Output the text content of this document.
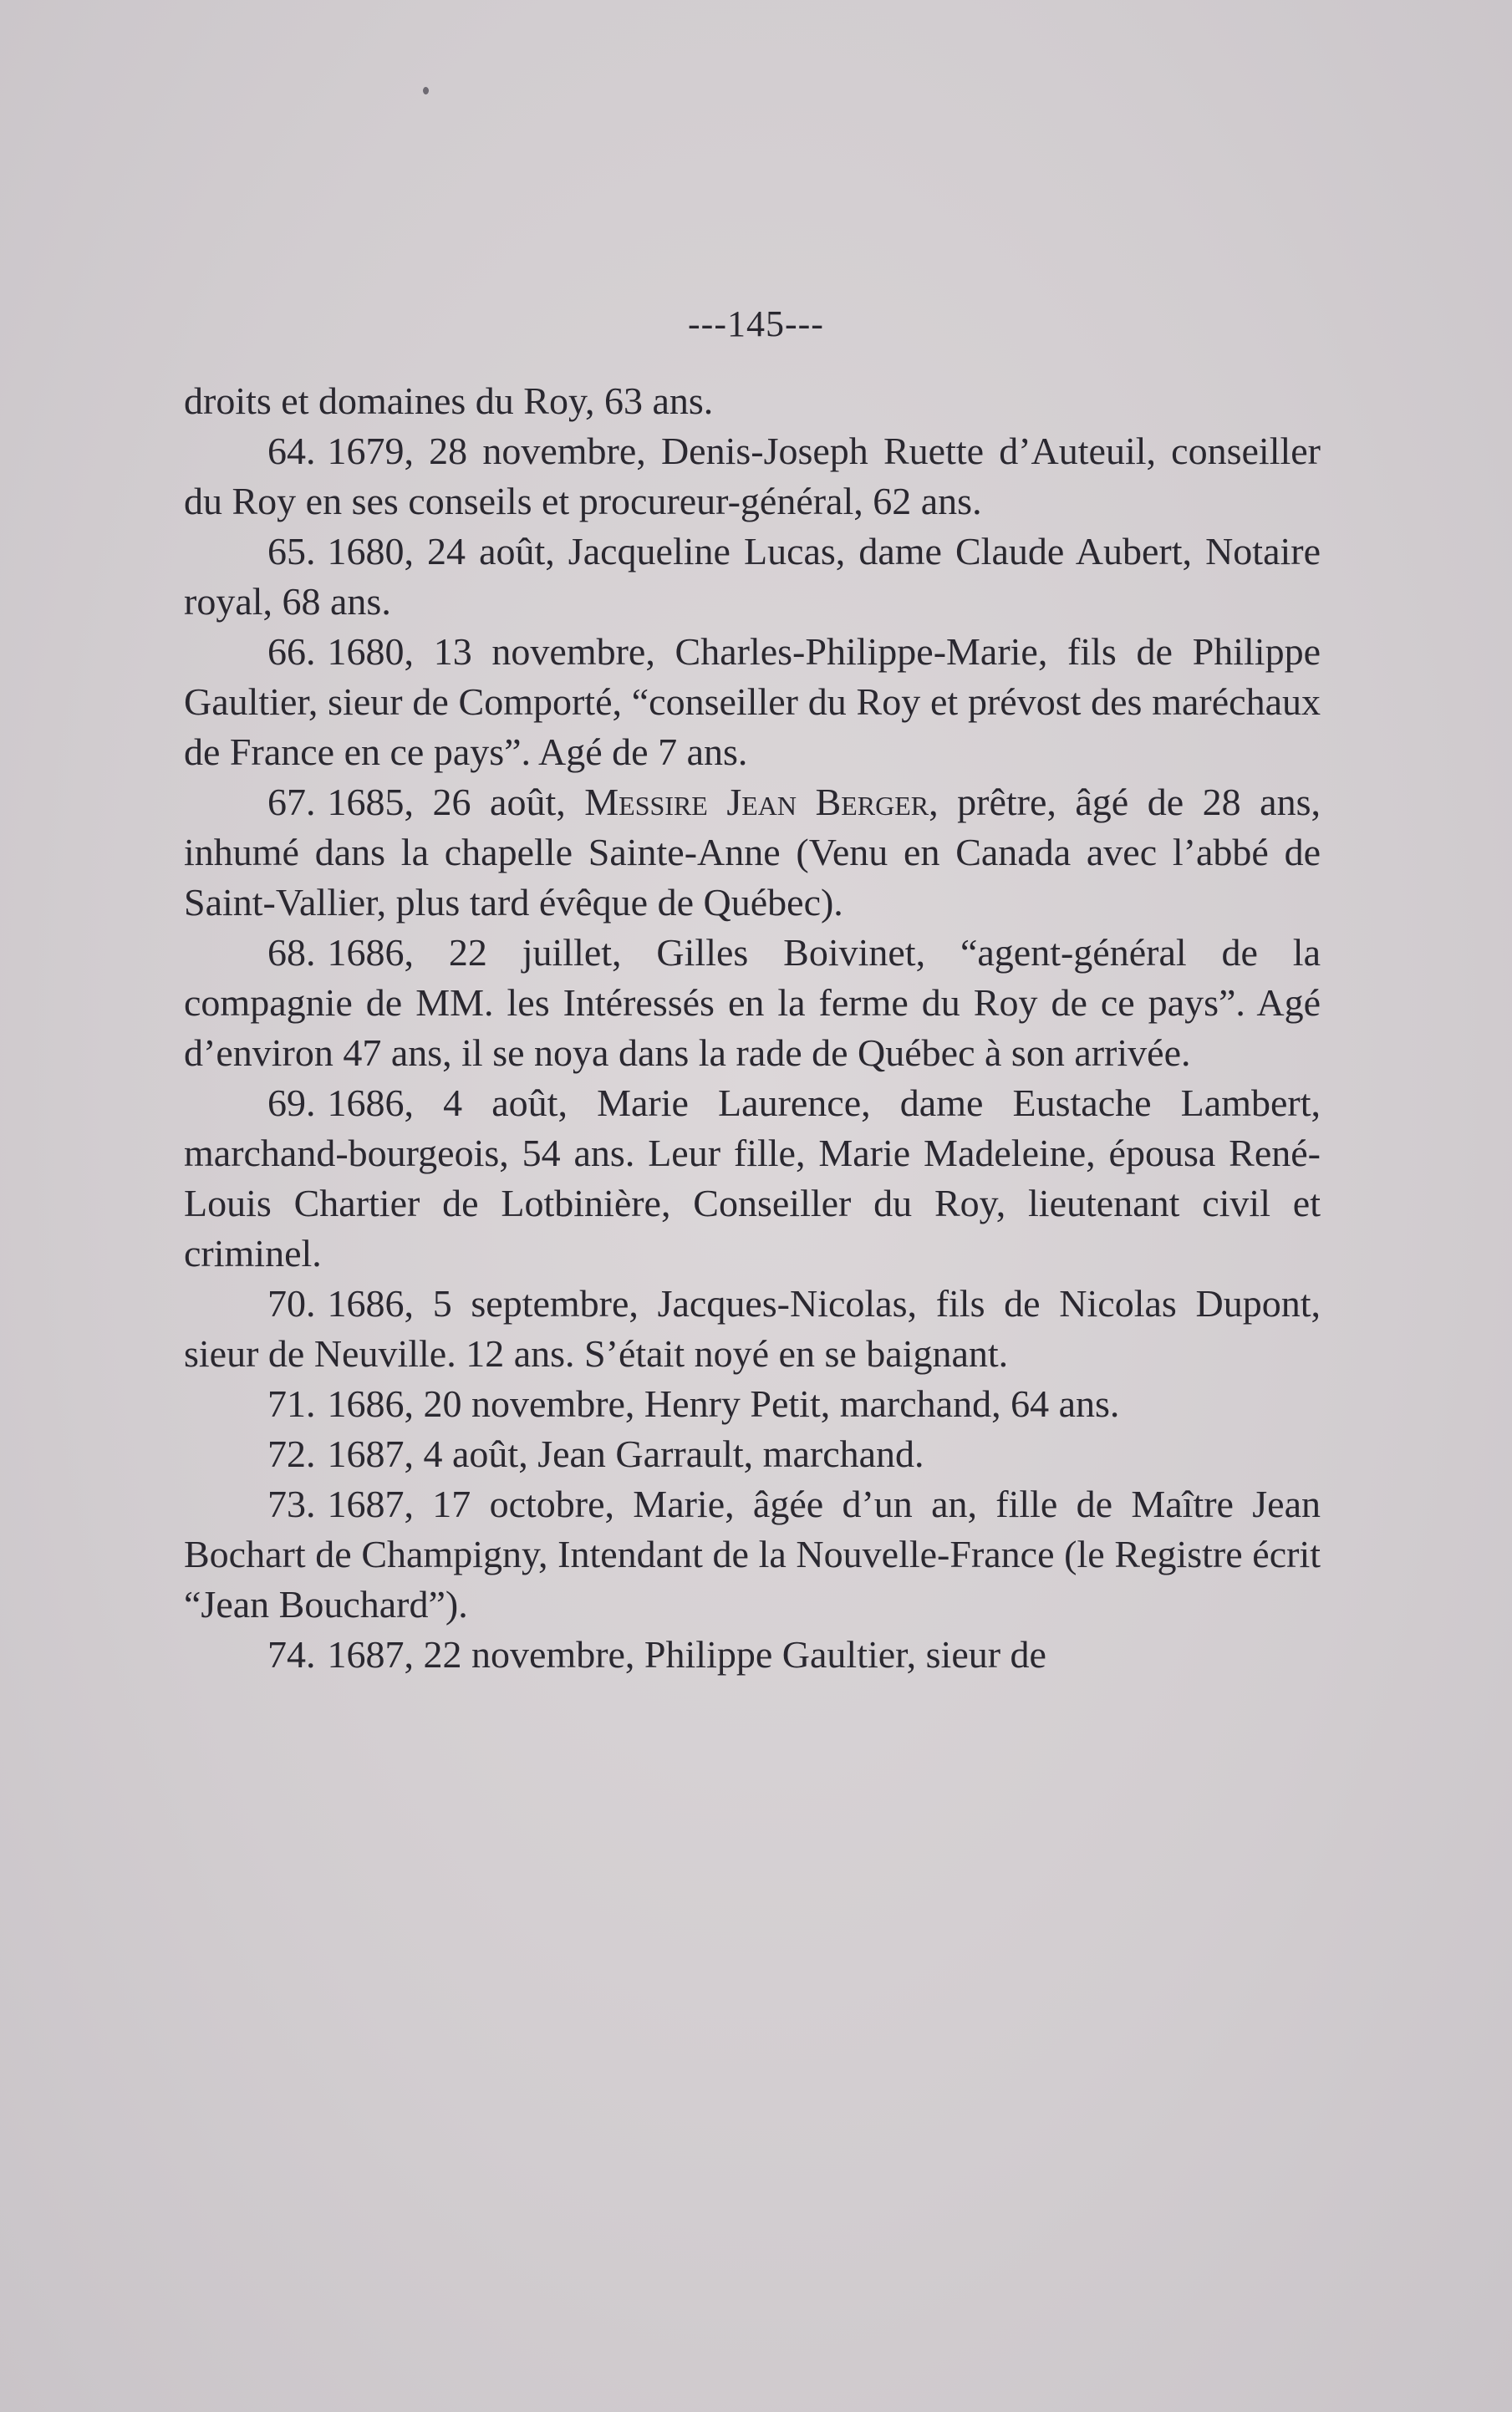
---145---
droits et domaines du Roy, 63 ans.
64. 1679, 28 novembre, Denis-Joseph Ruette d’Auteuil, conseiller du Roy en ses conseils et procureur-général, 62 ans.
65. 1680, 24 août, Jacqueline Lucas, dame Claude Aubert, Notaire royal, 68 ans.
66. 1680, 13 novembre, Charles-Philippe-Marie, fils de Philippe Gaultier, sieur de Comporté, “conseiller du Roy et prévost des maréchaux de France en ce pays”. Agé de 7 ans.
67. 1685, 26 août, Messire Jean Berger, prêtre, âgé de 28 ans, inhumé dans la chapelle Sainte-Anne (Venu en Canada avec l’abbé de Saint-Vallier, plus tard évêque de Québec).
68. 1686, 22 juillet, Gilles Boivinet, “agent-général de la compagnie de MM. les Intéressés en la ferme du Roy de ce pays”. Agé d’environ 47 ans, il se noya dans la rade de Québec à son arrivée.
69. 1686, 4 août, Marie Laurence, dame Eustache Lambert, marchand-bourgeois, 54 ans. Leur fille, Marie Madeleine, épousa René-Louis Chartier de Lotbinière, Conseiller du Roy, lieutenant civil et criminel.
70. 1686, 5 septembre, Jacques-Nicolas, fils de Nicolas Dupont, sieur de Neuville. 12 ans. S’était noyé en se baignant.
71. 1686, 20 novembre, Henry Petit, marchand, 64 ans.
72. 1687, 4 août, Jean Garrault, marchand.
73. 1687, 17 octobre, Marie, âgée d’un an, fille de Maître Jean Bochart de Champigny, Intendant de la Nouvelle-France (le Registre écrit “Jean Bouchard”).
74. 1687, 22 novembre, Philippe Gaultier, sieur de
